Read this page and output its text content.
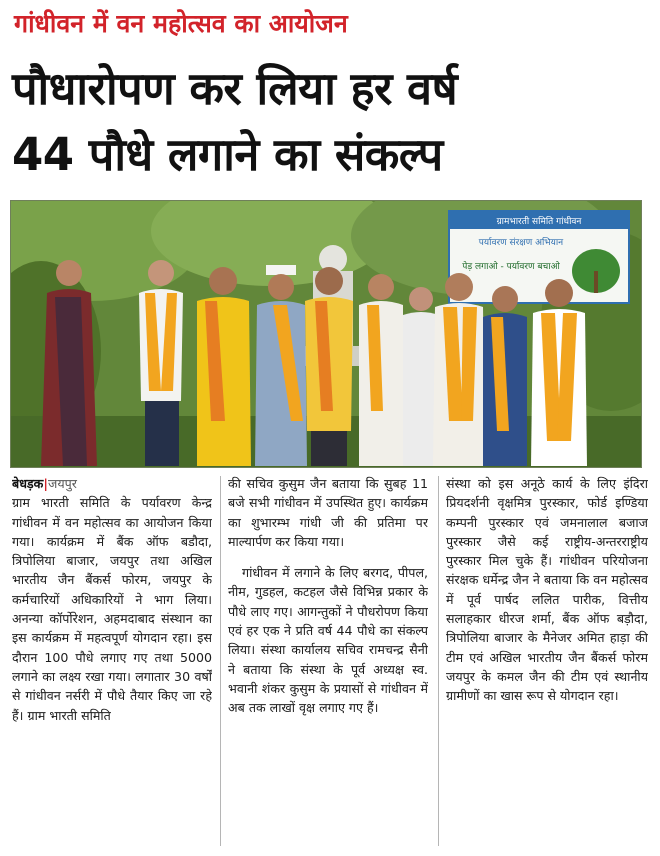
गांधीवन में वन महोत्सव का आयोजन
पौधारोपण कर लिया हर वर्ष
44 पौधे लगाने का संकल्प
ग्रामभारती समिति गांधीवन
पर्यावरण संरक्षण अभियान
पेड़ लगाओ - पर्यावरण बचाओ
बेधड़क|जयपुर
ग्राम भारती समिति के पर्यावरण केन्द्र गांधीवन में वन महोत्सव का आयोजन किया गया। कार्यक्रम में बैंक ऑफ बडौदा, त्रिपोलिया बाजार, जयपुर तथा अखिल भारतीय जैन बैंकर्स फोरम, जयपुर के कर्मचारियों अधिकारियों ने भाग लिया। अनन्या कॉर्पोरेशन, अहमदाबाद संस्थान का इस कार्यक्रम में महत्वपूर्ण योगदान रहा। इस दौरान 100 पौधे लगाए गए तथा 5000 लगाने का लक्ष्य रखा गया। लगातार 30 वर्षों से गांधीवन नर्सरी में पौधे तैयार किए जा रहे हैं। ग्राम भारती समिति
की सचिव कुसुम जैन बताया कि सुबह 11 बजे सभी गांधीवन में उपस्थित हुए। कार्यक्रम का शुभारम्भ गांधी जी की प्रतिमा पर माल्यार्पण कर किया गया।
गांधीवन में लगाने के लिए बरगद, पीपल, नीम, गुडहल, कटहल जैसे विभिन्न प्रकार के पौधे लाए गए। आगन्तुकों ने पौधरोपण किया एवं हर एक ने प्रति वर्ष 44 पौधे का संकल्प लिया। संस्था कार्यालय सचिव रामचन्द्र सैनी ने बताया कि संस्था के पूर्व अध्यक्ष स्व. भवानी शंकर कुसुम के प्रयासों से गांधीवन में अब तक लाखों वृक्ष लगाए गए हैं।
संस्था को इस अनूठे कार्य के लिए इंदिरा प्रियदर्शनी वृक्षमित्र पुरस्कार, फोर्ड इण्डिया कम्पनी पुरस्कार एवं जमनालाल बजाज पुरस्कार जैसे कई राष्ट्रीय-अन्तरराष्ट्रीय पुरस्कार मिल चुके हैं। गांधीवन परियोजना संरक्षक धर्मेन्द्र जैन ने बताया कि वन महोत्सव में पूर्व पार्षद ललित पारीक, वित्तीय सलाहकार धीरज शर्मा, बैंक ऑफ बड़ौदा, त्रिपोलिया बाजार के मैनेजर अमित हाड़ा की टीम एवं अखिल भारतीय जैन बैंकर्स फोरम जयपुर के कमल जैन की टीम एवं स्थानीय ग्रामीणों का खास रूप से योगदान रहा।
